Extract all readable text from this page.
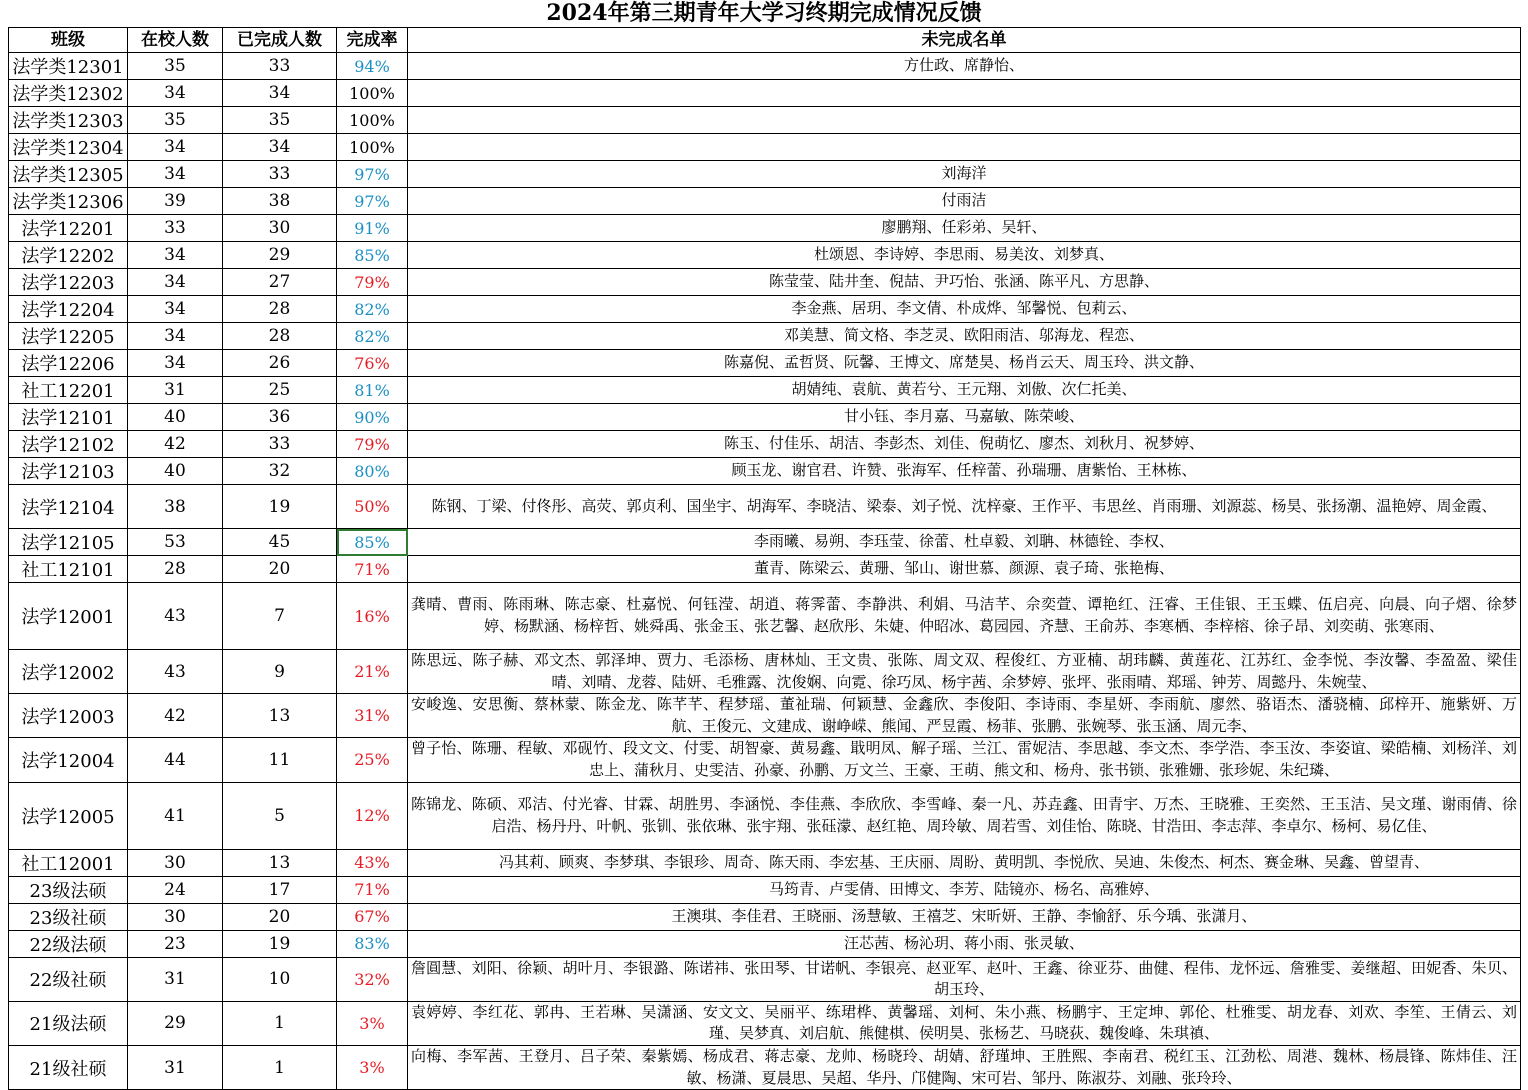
2024年第三期青年大学习终期完成情况反馈
班级	在校人数	已完成人数	完成率	未完成名单
法学类12301	35	33	94%	方仕政、席静怡、
法学类12302	34	34	100%	
法学类12303	35	35	100%	
法学类12304	34	34	100%	
法学类12305	34	33	97%	刘海洋
法学类12306	39	38	97%	付雨洁
法学12201	33	30	91%	廖鹏翔、任彩弟、吴轩、
法学12202	34	29	85%	杜颂恩、李诗婷、李思雨、易美汝、刘梦真、
法学12203	34	27	79%	陈莹莹、陆井奎、倪喆、尹巧怡、张涵、陈平凡、方思静、
法学12204	34	28	82%	李金燕、居玥、李文倩、朴成烨、邹馨悦、包莉云、
法学12205	34	28	82%	邓美慧、简文格、李芝灵、欧阳雨洁、邬海龙、程恋、
法学12206	34	26	76%	陈嘉倪、孟哲贤、阮馨、王博文、席楚昊、杨肖云天、周玉玲、洪文静、
社工12201	31	25	81%	胡婧纯、袁航、黄若兮、王元翔、刘傲、次仁托美、
法学12101	40	36	90%	甘小钰、李月嘉、马嘉敏、陈荣峻、
法学12102	42	33	79%	陈玉、付佳乐、胡洁、李彭杰、刘佳、倪萌忆、廖杰、刘秋月、祝梦婷、
法学12103	40	32	80%	顾玉龙、谢官君、许赞、张海军、任梓蕾、孙瑞珊、唐紫怡、王林栋、
法学12104	38	19	50%	陈钢、丁梁、付佟彤、高荧、郭贞利、国坐宇、胡海军、李晓洁、梁泰、刘子悦、沈梓豪、王作平、韦思丝、肖雨珊、刘源蕊、杨昊、张扬潮、温艳婷、周金霞、
法学12105	53	45	85%	李雨曦、易朔、李珏莹、徐蕾、杜卓毅、刘聃、林德铨、李权、
社工12101	28	20	71%	董青、陈梁云、黄珊、邹山、谢世慕、颜源、袁子琦、张艳梅、
法学12001	43	7	16%	龚晴、曹雨、陈雨琳、陈志豪、杜嘉悦、何钰滢、胡逍、蒋霁蕾、李静洪、利娟、马洁芊、佘奕萱、谭艳红、汪睿、王佳银、王玉蝶、伍启亮、向晨、向子熠、徐梦婷、杨默涵、杨梓哲、姚舜禹、张金玉、张艺馨、赵欣彤、朱婕、仲昭冰、葛园园、齐慧、王俞苏、李寒栖、李梓榕、徐子昂、刘奕萌、张寒雨、
法学12002	43	9	21%	陈思远、陈子赫、邓文杰、郭泽坤、贾力、毛添杨、唐林灿、王文贵、张陈、周文双、程俊红、方亚楠、胡玮麟、黄莲花、江苏红、金李悦、李汝馨、李盈盈、梁佳晴、刘晴、龙蓉、陆妍、毛雅露、沈俊娴、向霓、徐巧凤、杨宇茜、余梦婷、张坪、张雨晴、郑瑶、钟芳、周懿丹、朱婉莹、
法学12003	42	13	31%	安峻逸、安思衡、蔡林蒙、陈金龙、陈芊芊、程梦瑶、董祉瑞、何颖慧、金鑫欣、李俊阳、李诗雨、李星妍、李雨航、廖然、骆语杰、潘骁楠、邱梓开、施紫妍、万航、王俊元、文建成、谢峥嵘、熊闻、严昱霞、杨菲、张鹏、张婉琴、张玉涵、周元李、
法学12004	44	11	25%	曾子怡、陈珊、程敏、邓砚竹、段文文、付雯、胡智豪、黄易鑫、戢明凤、解子瑶、兰江、雷妮洁、李思越、李文杰、李学浩、李玉汝、李姿谊、梁皓楠、刘杨洋、刘忠上、蒲秋月、史雯洁、孙豪、孙鹏、万文兰、王豪、王萌、熊文和、杨舟、张书锁、张雅姗、张珍妮、朱纪璘、
法学12005	41	5	12%	陈锦龙、陈硕、邓洁、付光睿、甘霖、胡胜男、李涵悦、李佳燕、李欣欣、李雪峰、秦一凡、苏垚鑫、田青宇、万杰、王晓雅、王奕然、王玉洁、吴文瑾、谢雨倩、徐启浩、杨丹丹、叶帆、张钏、张依琳、张宇翔、张砡濛、赵红艳、周玲敏、周若雪、刘佳怡、陈晓、甘浩田、李志萍、李卓尔、杨柯、易亿佳、
社工12001	30	13	43%	冯其莉、顾爽、李梦琪、李银珍、周奇、陈天雨、李宏基、王庆丽、周盼、黄明凯、李悦欣、吴迪、朱俊杰、柯杰、赛金琳、吴鑫、曾望青、
23级法硕	24	17	71%	马筠青、卢雯倩、田博文、李芳、陆镜亦、杨名、高雅婷、
23级社硕	30	20	67%	王澳琪、李佳君、王晓丽、汤慧敏、王禧芝、宋昕妍、王静、李愉舒、乐今瑀、张潇月、
22级法硕	23	19	83%	汪芯茜、杨沁玥、蒋小雨、张灵敏、
22级社硕	31	10	32%	詹圓慧、刘阳、徐颖、胡叶月、李银潞、陈诺祎、张田琴、甘诺帆、李银亮、赵亚军、赵叶、王鑫、徐亚芬、曲健、程伟、龙怀远、詹雅雯、姜继超、田妮香、朱贝、胡玉玲、
21级法硕	29	1	3%	袁婷婷、李红花、郭冉、王若琳、吴潇涵、安文文、吴丽平、练珺桦、黄馨瑶、刘柯、朱小燕、杨鹏宇、王定坤、郭伦、杜雅雯、胡龙春、刘欢、李笙、王倩云、刘瑾、吴梦真、刘启航、熊健棋、侯明昊、张杨艺、马晓荻、魏俊峰、朱琪禛、
21级社硕	31	1	3%	向梅、李军茜、王登月、吕子荣、秦紫嫣、杨成君、蒋志豪、龙帅、杨晓玲、胡婧、舒瑾坤、王胜熙、李南君、税红玉、江劲松、周港、魏林、杨晨锋、陈炜佳、汪敏、杨潇、夏晨思、吴超、华丹、邝健陶、宋可岩、邹丹、陈淑芬、刘融、张玲玲、
